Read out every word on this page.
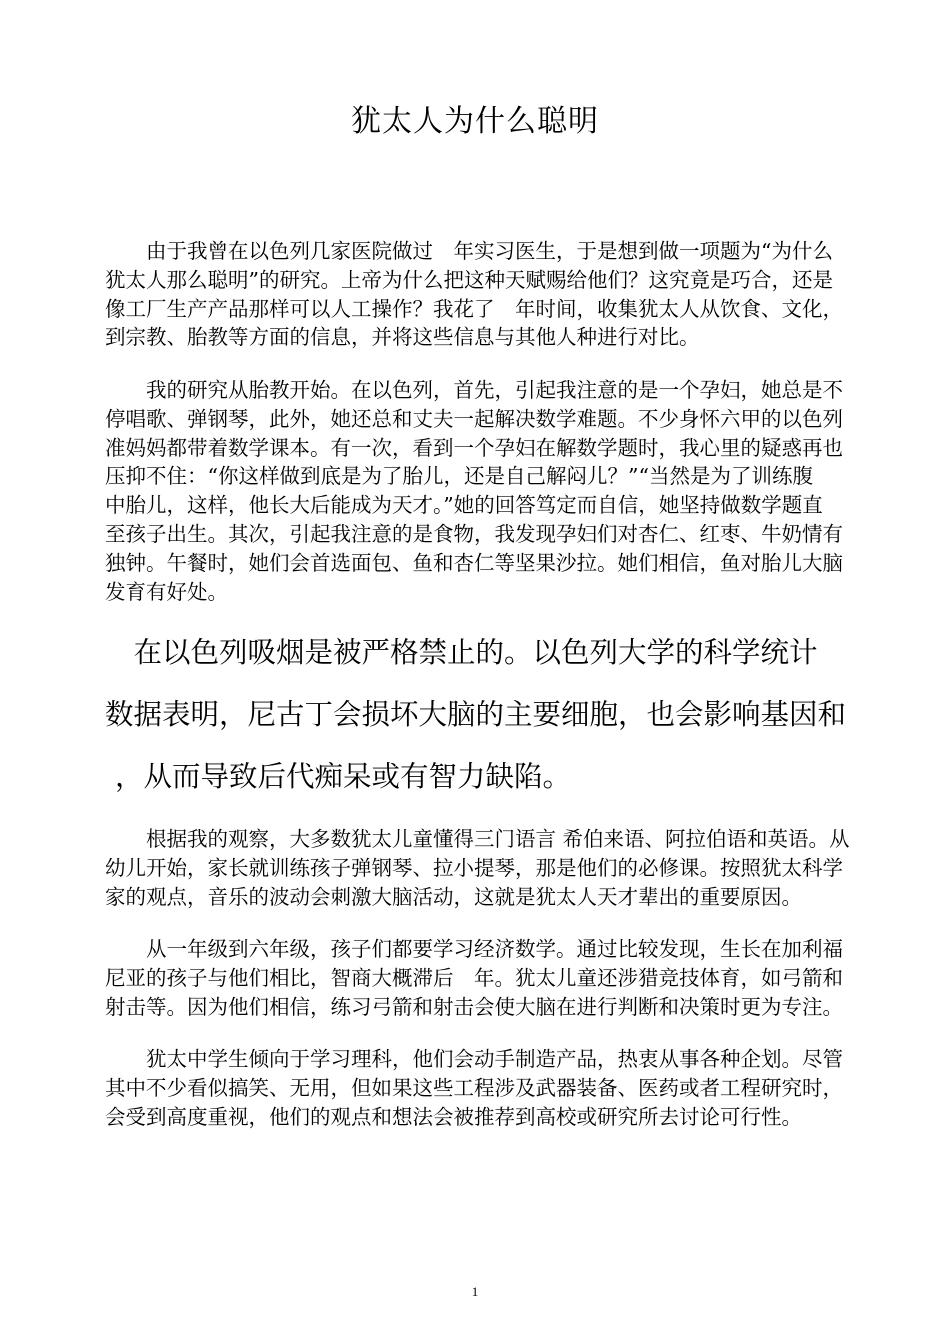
犹太人为什么聪明
　　由于我曾在以色列几家医院做过　年实习医生，于是想到做一项题为“为什么
犹太人那么聪明”的研究。上帝为什么把这种天赋赐给他们？这究竟是巧合，还是
像工厂生产产品那样可以人工操作？我花了　年时间，收集犹太人从饮食、文化，
到宗教、胎教等方面的信息，并将这些信息与其他人种进行对比。
　　我的研究从胎教开始。在以色列，首先，引起我注意的是一个孕妇，她总是不
停唱歌、弹钢琴，此外，她还总和丈夫一起解决数学难题。不少身怀六甲的以色列
准妈妈都带着数学课本。有一次，看到一个孕妇在解数学题时，我心里的疑惑再也
压抑不住：“你这样做到底是为了胎儿，还是自己解闷儿？”“当然是为了训练腹
中胎儿，这样，他长大后能成为天才。”她的回答笃定而自信，她坚持做数学题直
至孩子出生。其次，引起我注意的是食物，我发现孕妇们对杏仁、红枣、牛奶情有
独钟。午餐时，她们会首选面包、鱼和杏仁等坚果沙拉。她们相信，鱼对胎儿大脑
发育有好处。
　在以色列吸烟是被严格禁止的。以色列大学的科学统计
数据表明，尼古丁会损坏大脑的主要细胞，也会影响基因和
，从而导致后代痴呆或有智力缺陷。
　　根据我的观察，大多数犹太儿童懂得三门语言 希伯来语、阿拉伯语和英语。从
幼儿开始，家长就训练孩子弹钢琴、拉小提琴，那是他们的必修课。按照犹太科学
家的观点，音乐的波动会刺激大脑活动，这就是犹太人天才辈出的重要原因。
　　从一年级到六年级，孩子们都要学习经济数学。通过比较发现，生长在加利福
尼亚的孩子与他们相比，智商大概滞后　年。犹太儿童还涉猎竞技体育，如弓箭和
射击等。因为他们相信，练习弓箭和射击会使大脑在进行判断和决策时更为专注。
　　犹太中学生倾向于学习理科，他们会动手制造产品，热衷从事各种企划。尽管
其中不少看似搞笑、无用，但如果这些工程涉及武器装备、医药或者工程研究时，
会受到高度重视，他们的观点和想法会被推荐到高校或研究所去讨论可行性。
1
